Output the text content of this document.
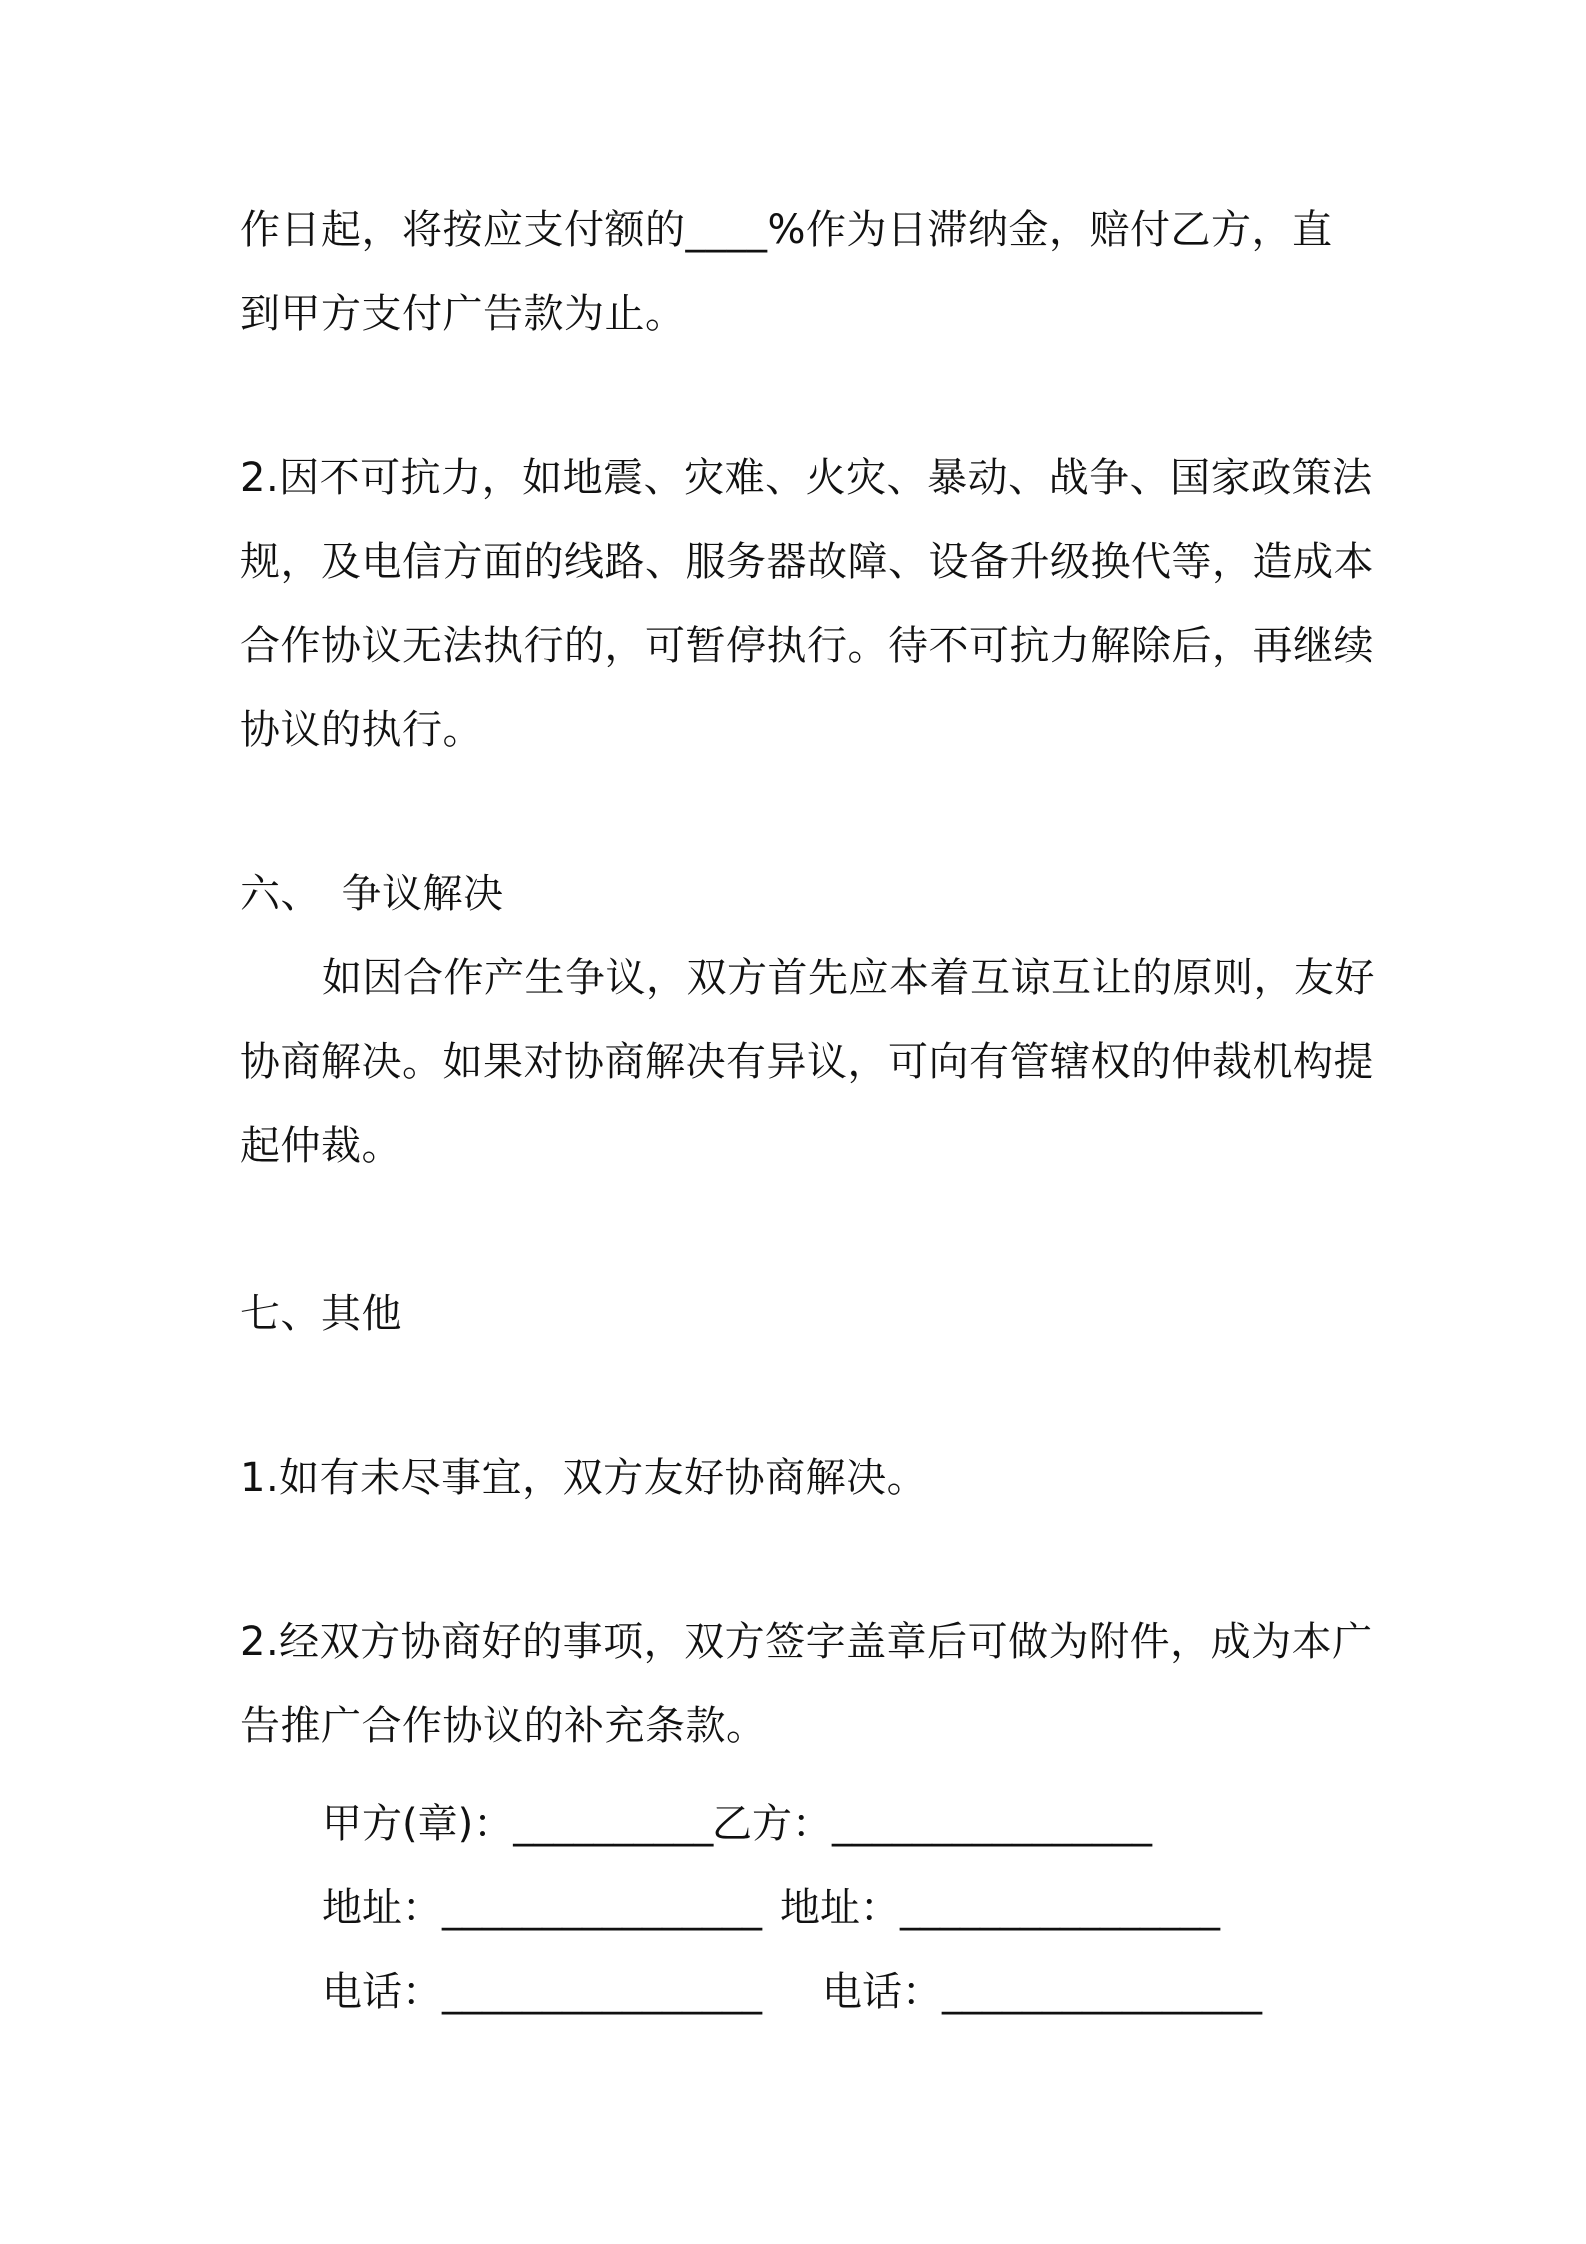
作日起，将按应支付额的____%作为日滞纳金，赔付乙方，直
到甲方支付广告款为止。
2.因不可抗力，如地震、灾难、火灾、暴动、战争、国家政策法
规，及电信方面的线路、服务器故障、设备升级换代等，造成本
合作协议无法执行的，可暂停执行。待不可抗力解除后，再继续
协议的执行。
六、　争议解决
如因合作产生争议，双方首先应本着互谅互让的原则，友好
协商解决。如果对协商解决有异议，可向有管辖权的仲裁机构提
起仲裁。
七、其他
1.如有未尽事宜，双方友好协商解决。
2.经双方协商好的事项，双方签字盖章后可做为附件，成为本广
告推广合作协议的补充条款。
甲方(章)：__________
乙方：________________
地址：________________ 地址：________________
电话：________________ 电话：________________
